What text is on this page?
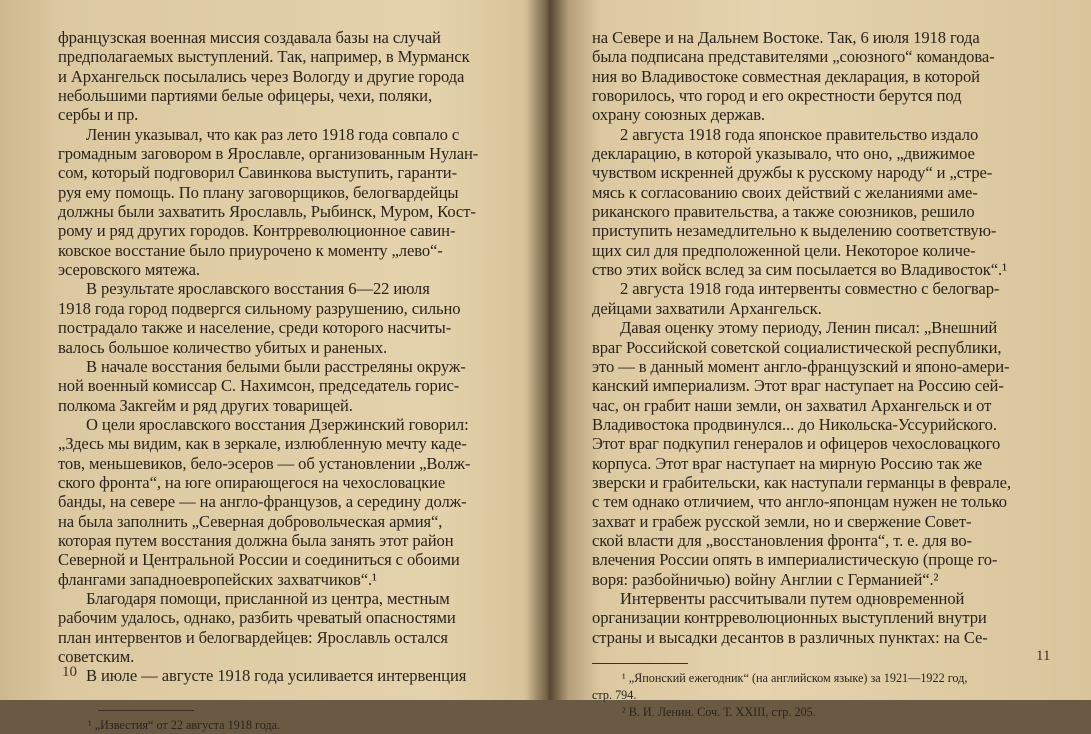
французская военная миссия создавала базы на случай
предполагаемых выступлений. Так, например, в Мурманск
и Архангельск посылались через Вологду и другие города
небольшими партиями белые офицеры, чехи, поляки,
сербы и пр.
Ленин указывал, что как раз лето 1918 года совпало с
громадным заговором в Ярославле, организованным Нулан-
сом, который подговорил Савинкова выступить, гаранти-
руя ему помощь. По плану заговорщиков, белогвардейцы
должны были захватить Ярославль, Рыбинск, Муром, Кост-
рому и ряд других городов. Контрреволюционное савин-
ковское восстание было приурочено к моменту „лево“-
эсеровского мятежа.
В результате ярославского восстания 6—22 июля
1918 года город подвергся сильному разрушению, сильно
пострадало также и население, среди которого насчиты-
валось большое количество убитых и раненых.
В начале восстания белыми были расстреляны окруж-
ной военный комиссар С. Нахимсон, председатель горис-
полкома Закгейм и ряд других товарищей.
О цели ярославского восстания Дзержинский говорил:
„Здесь мы видим, как в зеркале, излюбленную мечту каде-
тов, меньшевиков, бело-эсеров — об установлении „Волж-
ского фронта“, на юге опирающегося на чехословацкие
банды, на севере — на англо-французов, а середину долж-
на была заполнить „Северная добровольческая армия“,
которая путем восстания должна была занять этот район
Северной и Центральной России и соединиться с обоими
флангами западноевропейских захватчиков“.¹
Благодаря помощи, присланной из центра, местным
рабочим удалось, однако, разбить чреватый опасностями
план интервентов и белогвардейцев: Ярославль остался
советским.
В июле — августе 1918 года усиливается интервенция
¹ „Известия“ от 22 августа 1918 года.
10
на Севере и на Дальнем Востоке. Так, 6 июля 1918 года
была подписана представителями „союзного“ командова-
ния во Владивостоке совместная декларация, в которой
говорилось, что город и его окрестности берутся под
охрану союзных держав.
2 августа 1918 года японское правительство издало
декларацию, в которой указывало, что оно, „движимое
чувством искренней дружбы к русскому народу“ и „стре-
мясь к согласованию своих действий с желаниями аме-
риканского правительства, а также союзников, решило
приступить незамедлительно к выделению соответствую-
щих сил для предположенной цели. Некоторое количе-
ство этих войск вслед за сим посылается во Владивосток“.¹
2 августа 1918 года интервенты совместно с белогвар-
дейцами захватили Архангельск.
Давая оценку этому периоду, Ленин писал: „Внешний
враг Российской советской социалистической республики,
это — в данный момент англо-французский и японо-амери-
канский империализм. Этот враг наступает на Россию сей-
час, он грабит наши земли, он захватил Архангельск и от
Владивостока продвинулся... до Никольска-Уссурийского.
Этот враг подкупил генералов и офицеров чехословацкого
корпуса. Этот враг наступает на мирную Россию так же
зверски и грабительски, как наступали германцы в феврале,
с тем однако отличием, что англо-японцам нужен не только
захват и грабеж русской земли, но и свержение Совет-
ской власти для „восстановления фронта“, т. е. для во-
влечения России опять в империалистическую (проще го-
воря: разбойничью) войну Англии с Германией“.²
Интервенты рассчитывали путем одновременной
организации контрреволюционных выступлений внутри
страны и высадки десантов в различных пунктах: на Се-
¹ „Японский ежегодник“ (на английском языке) за 1921—1922 год,
стр. 794.
² В. И. Ленин. Соч. Т. XXIII, стр. 205.
11
